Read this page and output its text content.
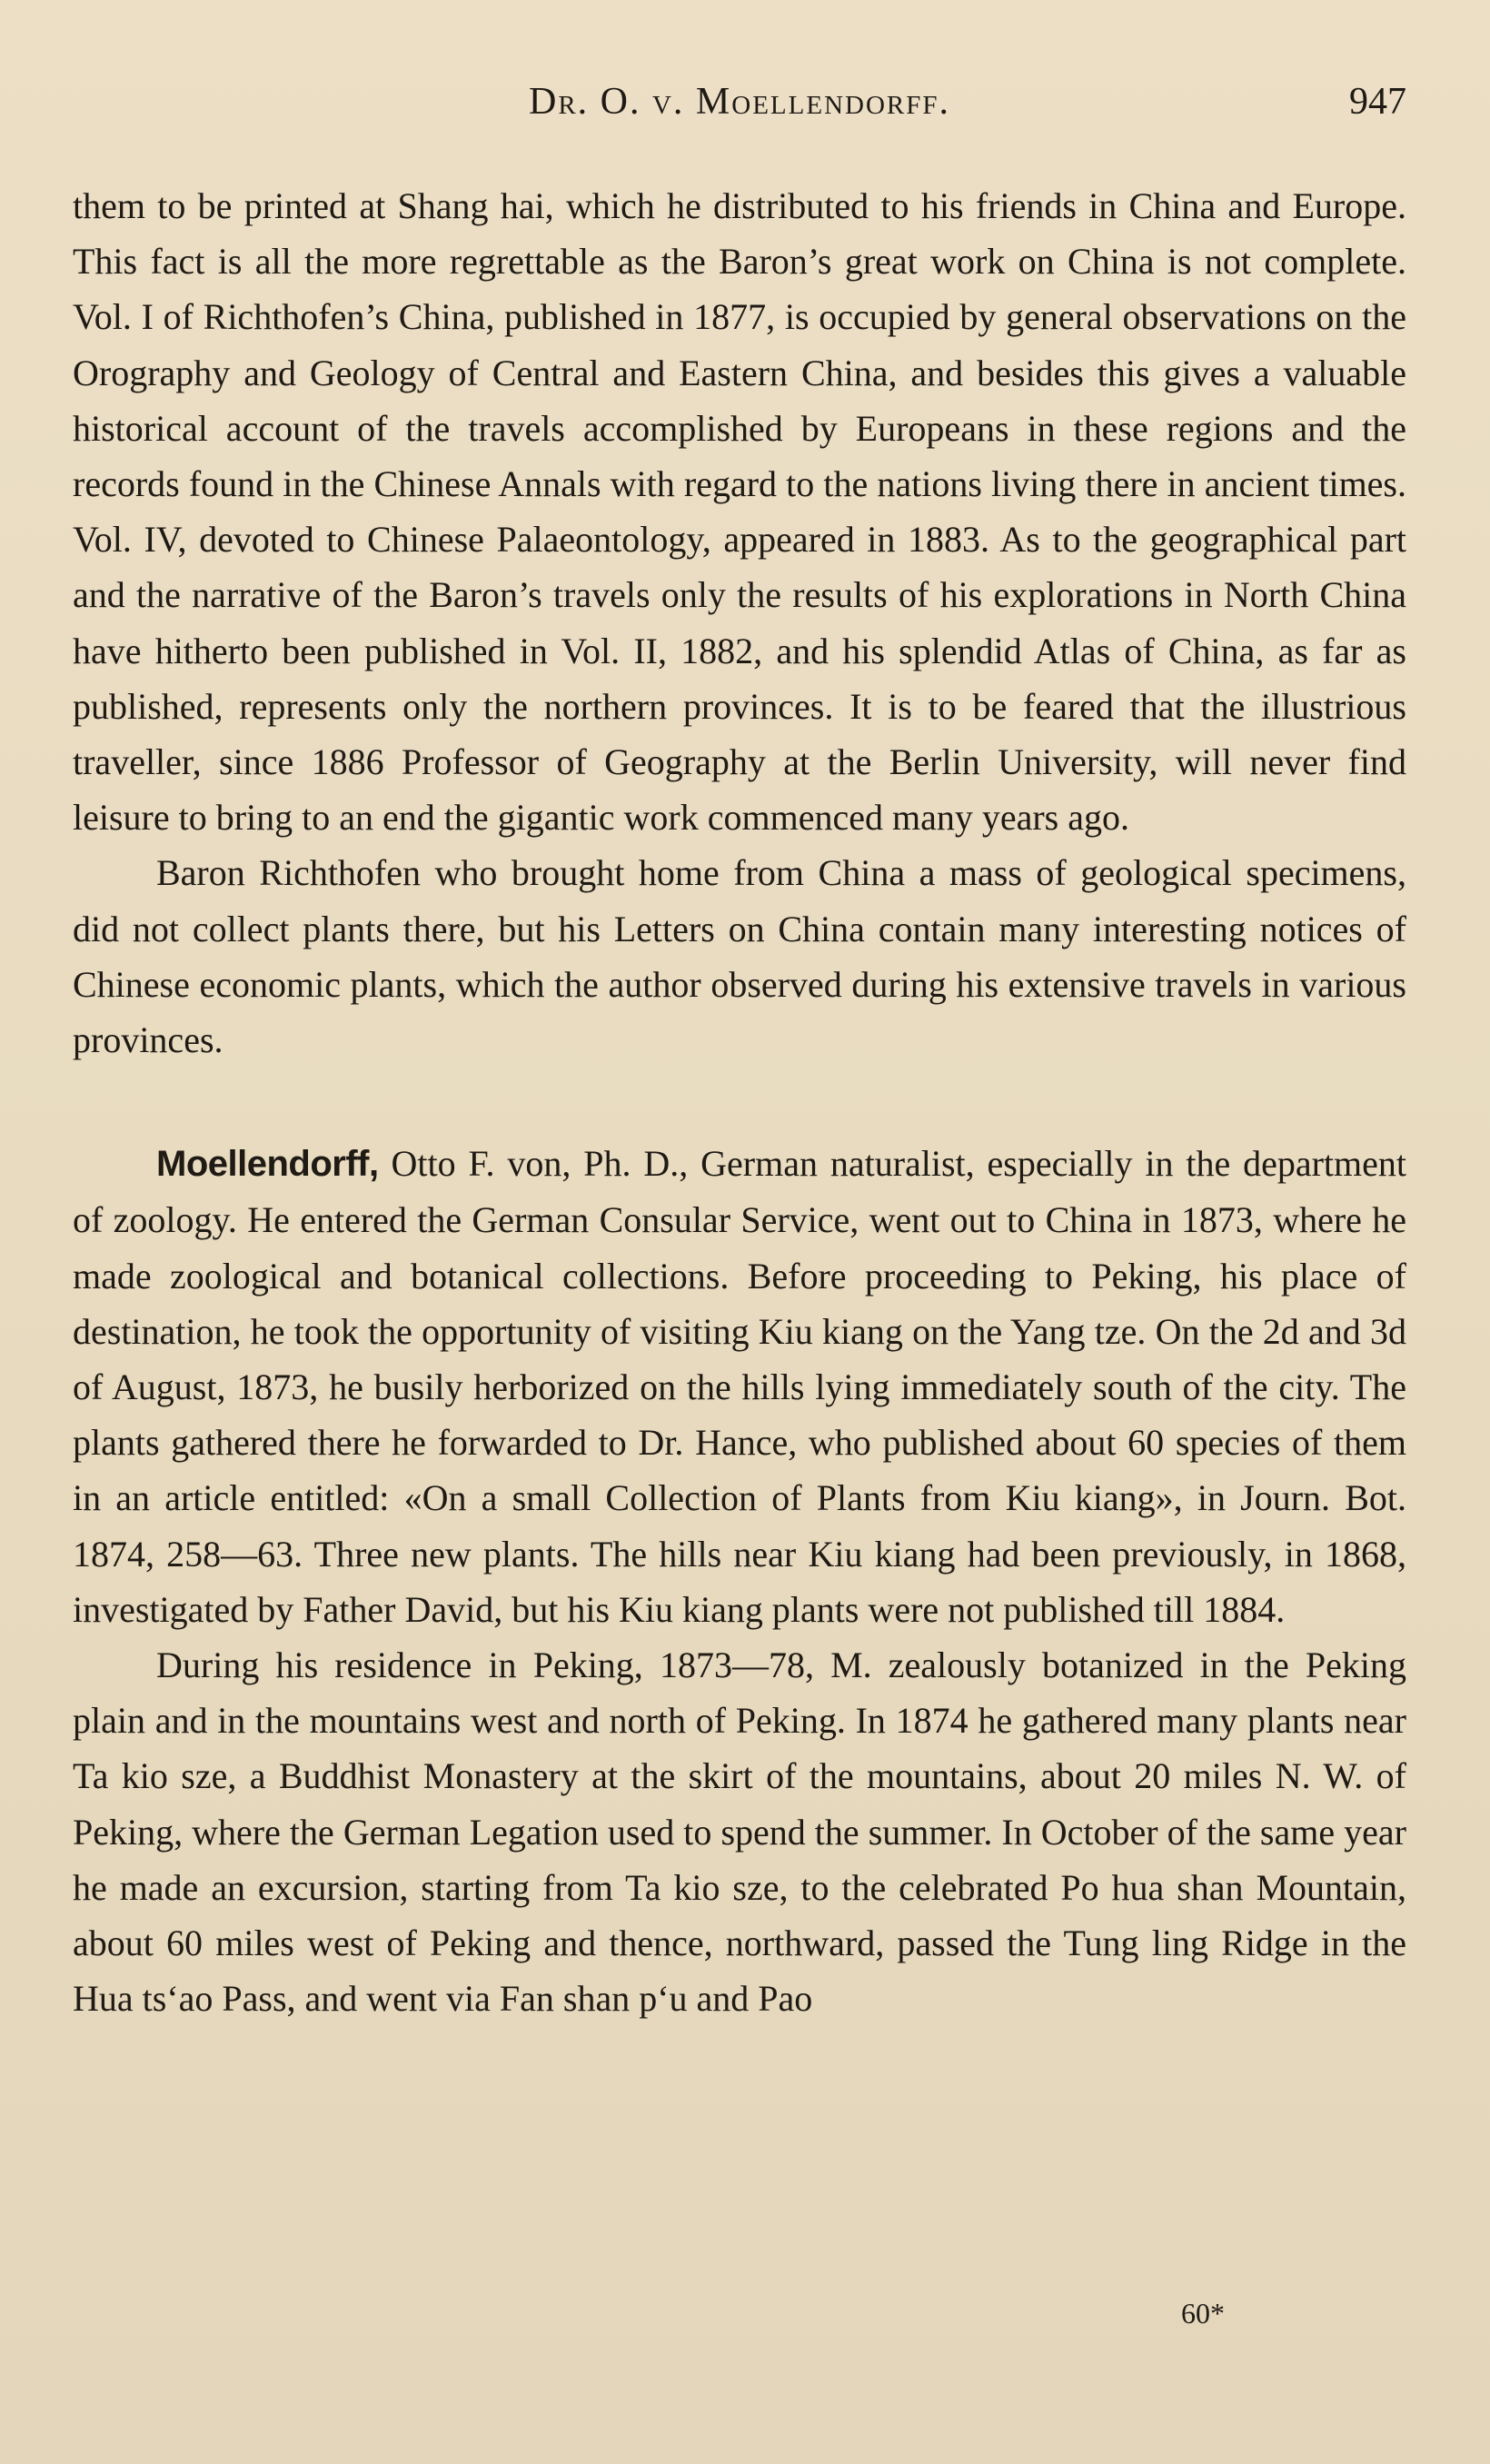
Dr. O. v. Moellendorff.	947

them to be printed at Shang hai, which he distributed to his friends in China and Europe. This fact is all the more regrettable as the Baron’s great work on China is not complete. Vol. I of Richthofen’s China, published in 1877, is occupied by general observations on the Orography and Geology of Central and Eastern China, and besides this gives a valuable historical account of the travels accomplished by Europeans in these regions and the records found in the Chinese Annals with regard to the nations living there in ancient times. Vol. IV, devoted to Chinese Palaeontology, appeared in 1883. As to the geographical part and the narrative of the Baron’s travels only the results of his explorations in North China have hitherto been published in Vol. II, 1882, and his splendid Atlas of China, as far as published, represents only the northern provinces. It is to be feared that the illustrious traveller, since 1886 Professor of Geography at the Berlin University, will never find leisure to bring to an end the gigantic work commenced many years ago.

Baron Richthofen who brought home from China a mass of geological specimens, did not collect plants there, but his Letters on China contain many interesting notices of Chinese economic plants, which the author observed during his extensive travels in various provinces.

Moellendorff, Otto F. von, Ph. D., German naturalist, especially in the department of zoology. He entered the German Consular Service, went out to China in 1873, where he made zoological and botanical collections. Before proceeding to Peking, his place of destination, he took the opportunity of visiting Kiu kiang on the Yang tze. On the 2d and 3d of August, 1873, he busily herborized on the hills lying immediately south of the city. The plants gathered there he forwarded to Dr. Hance, who published about 60 species of them in an article entitled: «On a small Collection of Plants from Kiu kiang», in Journ. Bot. 1874, 258—63. Three new plants. The hills near Kiu kiang had been previously, in 1868, investigated by Father David, but his Kiu kiang plants were not published till 1884.

During his residence in Peking, 1873—78, M. zealously botanized in the Peking plain and in the mountains west and north of Peking. In 1874 he gathered many plants near Ta kio sze, a Buddhist Monastery at the skirt of the mountains, about 20 miles N. W. of Peking, where the German Legation used to spend the summer. In October of the same year he made an excursion, starting from Ta kio sze, to the celebrated Po hua shan Mountain, about 60 miles west of Peking and thence, northward, passed the Tung ling Ridge in the Hua ts‘ao Pass, and went via Fan shan p‘u and Pao

60*
